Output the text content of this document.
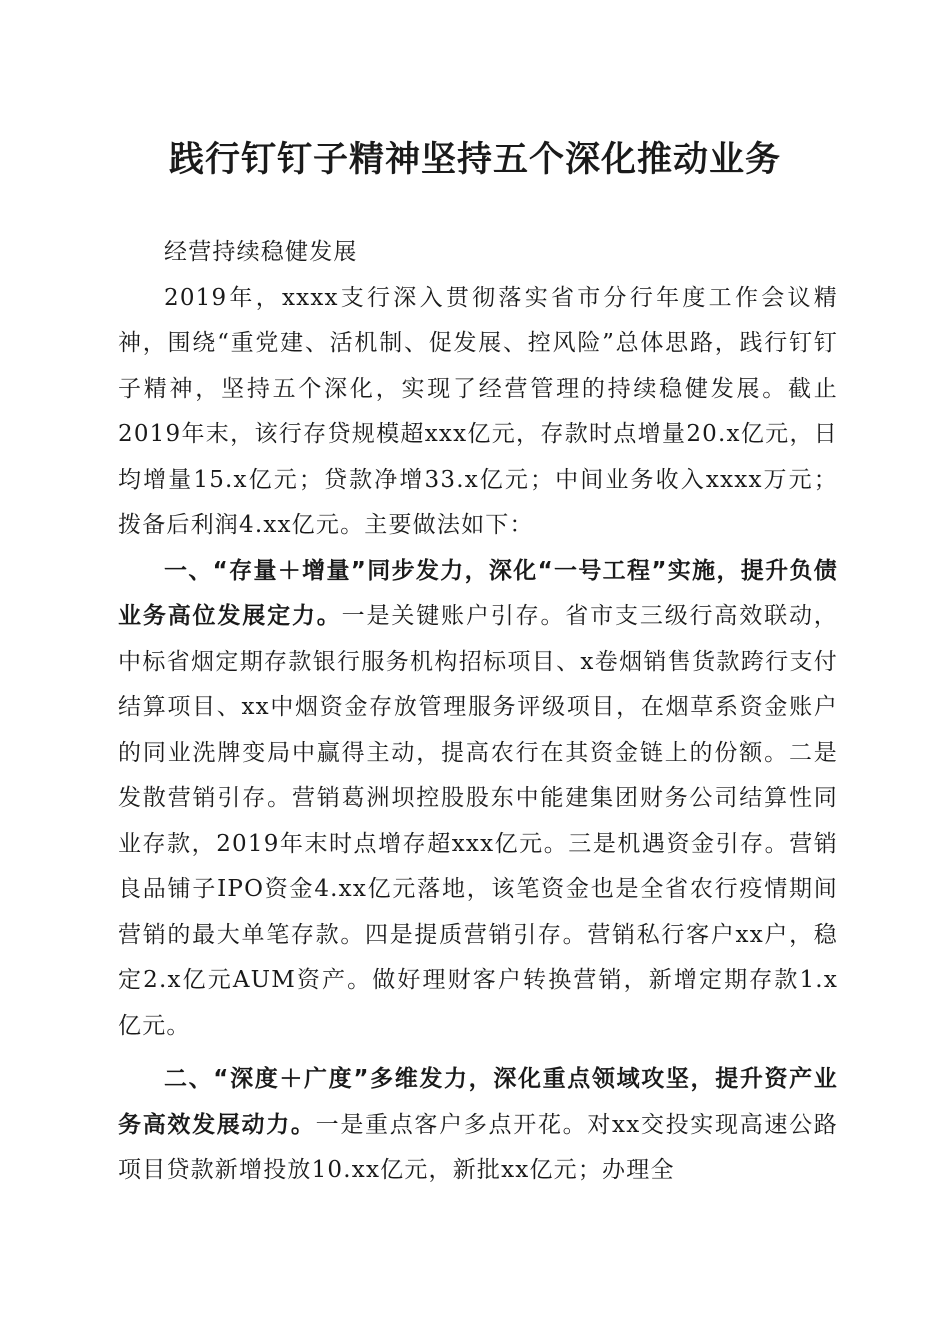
践行钉钉子精神坚持五个深化推动业务

经营持续稳健发展

2019年，xxxx支行深入贯彻落实省市分行年度工作会议精神，围绕“重党建、活机制、促发展、控风险”总体思路，践行钉钉子精神，坚持五个深化，实现了经营管理的持续稳健发展。截止2019年末，该行存贷规模超xxx亿元，存款时点增量20.x亿元，日均增量15.x亿元；贷款净增33.x亿元；中间业务收入xxxx万元；拨备后利润4.xx亿元。主要做法如下：

一、“存量＋增量”同步发力，深化“一号工程”实施，提升负债业务高位发展定力。一是关键账户引存。省市支三级行高效联动，中标省烟定期存款银行服务机构招标项目、x卷烟销售货款跨行支付结算项目、xx中烟资金存放管理服务评级项目，在烟草系资金账户的同业洗牌变局中赢得主动，提高农行在其资金链上的份额。二是发散营销引存。营销葛洲坝控股股东中能建集团财务公司结算性同业存款，2019年末时点增存超xxx亿元。三是机遇资金引存。营销良品铺子IPO资金4.xx亿元落地，该笔资金也是全省农行疫情期间营销的最大单笔存款。四是提质营销引存。营销私行客户xx户，稳定2.x亿元AUM资产。做好理财客户转换营销，新增定期存款1.x亿元。

二、“深度＋广度”多维发力，深化重点领域攻坚，提升资产业务高效发展动力。一是重点客户多点开花。对xx交投实现高速公路项目贷款新增投放10.xx亿元，新批xx亿元；办理全
